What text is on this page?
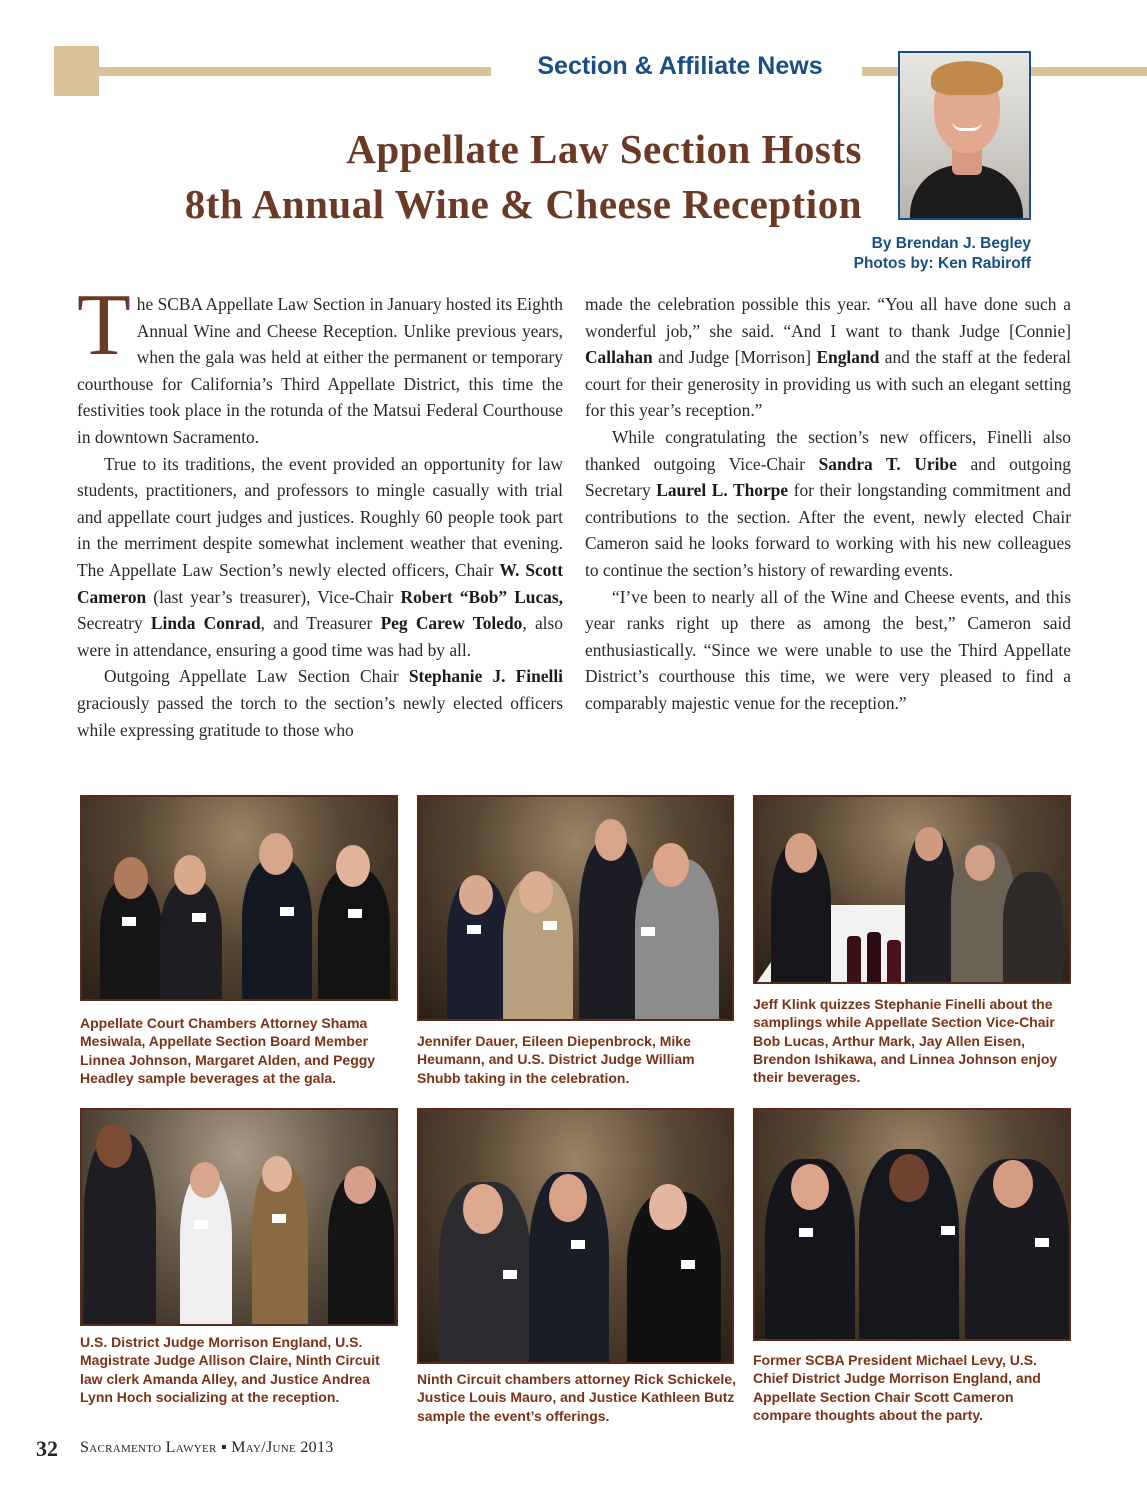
Section & Affiliate News
Appellate Law Section Hosts
8th Annual Wine & Cheese Reception
By Brendan J. Begley
Photos by: Ken Rabiroff

The SCBA Appellate Law Section in January hosted its Eighth Annual Wine and Cheese Reception. Unlike previous years, when the gala was held at either the permanent or temporary courthouse for California’s Third Appellate District, this time the festivities took place in the rotunda of the Matsui Federal Courthouse in downtown Sacramento.

True to its traditions, the event provided an opportunity for law students, practitioners, and professors to mingle casually with trial and appellate court judges and justices. Roughly 60 people took part in the merriment despite somewhat inclement weather that evening. The Appellate Law Section’s newly elected officers, Chair W. Scott Cameron (last year’s treasurer), Vice-Chair Robert “Bob” Lucas, Secreatry Linda Conrad, and Treasurer Peg Carew Toledo, also were in attendance, ensuring a good time was had by all.

Outgoing Appellate Law Section Chair Stephanie J. Finelli graciously passed the torch to the section’s newly elected officers while expressing gratitude to those who

made the celebration possible this year. “You all have done such a wonderful job,” she said. “And I want to thank Judge [Connie] Callahan and Judge [Morrison] England and the staff at the federal court for their generosity in providing us with such an elegant setting for this year’s reception.”

While congratulating the section’s new officers, Finelli also thanked outgoing Vice-Chair Sandra T. Uribe and outgoing Secretary Laurel L. Thorpe for their longstanding commitment and contributions to the section. After the event, newly elected Chair Cameron said he looks forward to working with his new colleagues to continue the section’s history of rewarding events.

“I’ve been to nearly all of the Wine and Cheese events, and this year ranks right up there as among the best,” Cameron said enthusiastically. “Since we were unable to use the Third Appellate District’s courthouse this time, we were very pleased to find a comparably majestic venue for the reception.”

Appellate Court Chambers Attorney Shama Mesiwala, Appellate Section Board Member Linnea Johnson, Margaret Alden, and Peggy Headley sample beverages at the gala.
Jennifer Dauer, Eileen Diepenbrock, Mike Heumann, and U.S. District Judge William Shubb taking in the celebration.
Jeff Klink quizzes Stephanie Finelli about the samplings while Appellate Section Vice-Chair Bob Lucas, Arthur Mark, Jay Allen Eisen, Brendon Ishikawa, and Linnea Johnson enjoy their beverages.
U.S. District Judge Morrison England, U.S. Magistrate Judge Allison Claire, Ninth Circuit law clerk Amanda Alley, and Justice Andrea Lynn Hoch socializing at the reception.
Ninth Circuit chambers attorney Rick Schickele, Justice Louis Mauro, and Justice Kathleen Butz sample the event’s offerings.
Former SCBA President Michael Levy, U.S. Chief District Judge Morrison England, and Appellate Section Chair Scott Cameron compare thoughts about the party.
32 Sacramento Lawyer ▪ May/June 2013
